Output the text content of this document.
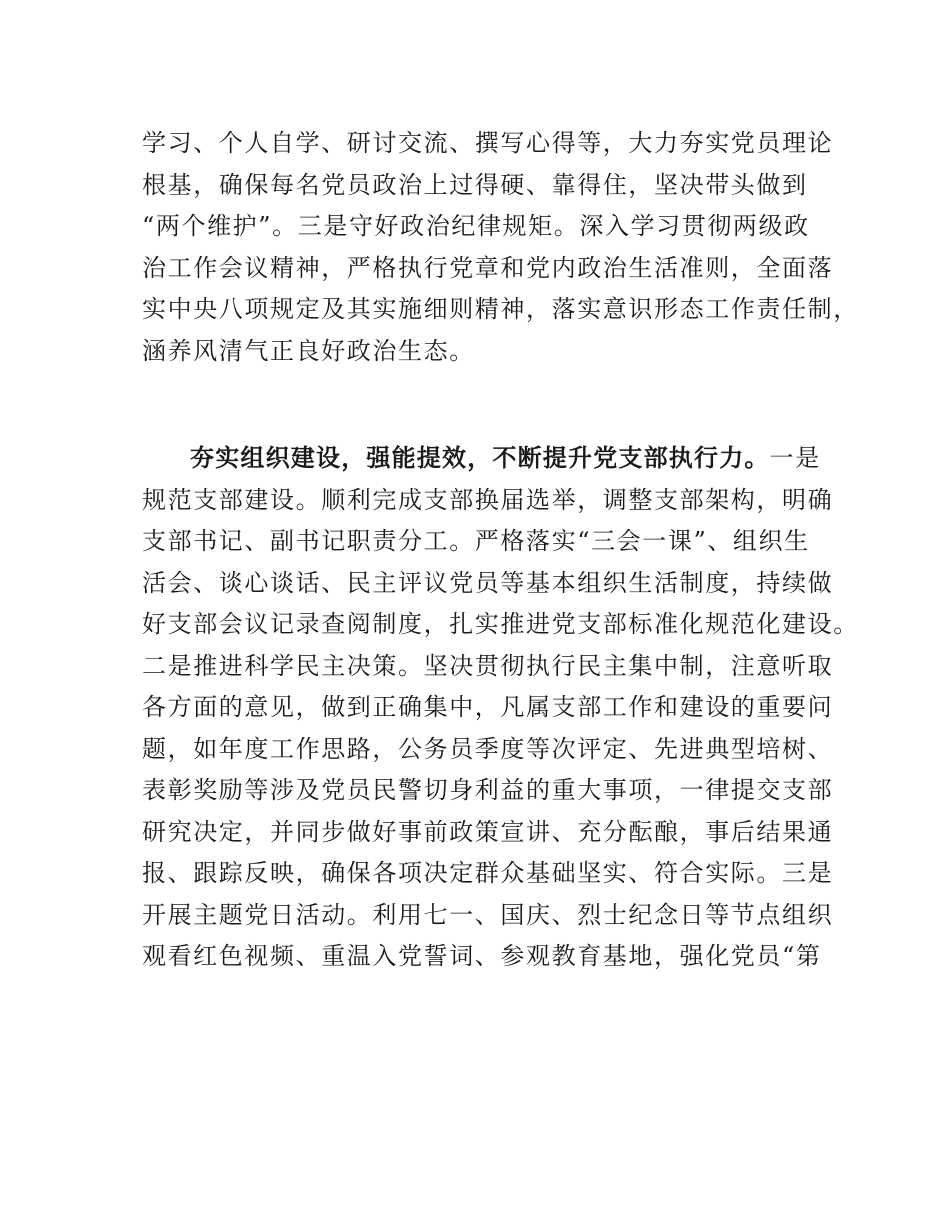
学习、个人自学、研讨交流、撰写心得等，大力夯实党员理论
根基，确保每名党员政治上过得硬、靠得住，坚决带头做到
“两个维护”。三是守好政治纪律规矩。深入学习贯彻两级政
治工作会议精神，严格执行党章和党内政治生活准则，全面落
实中央八项规定及其实施细则精神，落实意识形态工作责任制，
涵养风清气正良好政治生态。
夯实组织建设，强能提效，不断提升党支部执行力。一是
规范支部建设。顺利完成支部换届选举，调整支部架构，明确
支部书记、副书记职责分工。严格落实“三会一课”、组织生
活会、谈心谈话、民主评议党员等基本组织生活制度，持续做
好支部会议记录查阅制度，扎实推进党支部标准化规范化建设。
二是推进科学民主决策。坚决贯彻执行民主集中制，注意听取
各方面的意见，做到正确集中，凡属支部工作和建设的重要问
题，如年度工作思路，公务员季度等次评定、先进典型培树、
表彰奖励等涉及党员民警切身利益的重大事项，一律提交支部
研究决定，并同步做好事前政策宣讲、充分酝酿，事后结果通
报、跟踪反映，确保各项决定群众基础坚实、符合实际。三是
开展主题党日活动。利用七一、国庆、烈士纪念日等节点组织
观看红色视频、重温入党誓词、参观教育基地，强化党员“第
